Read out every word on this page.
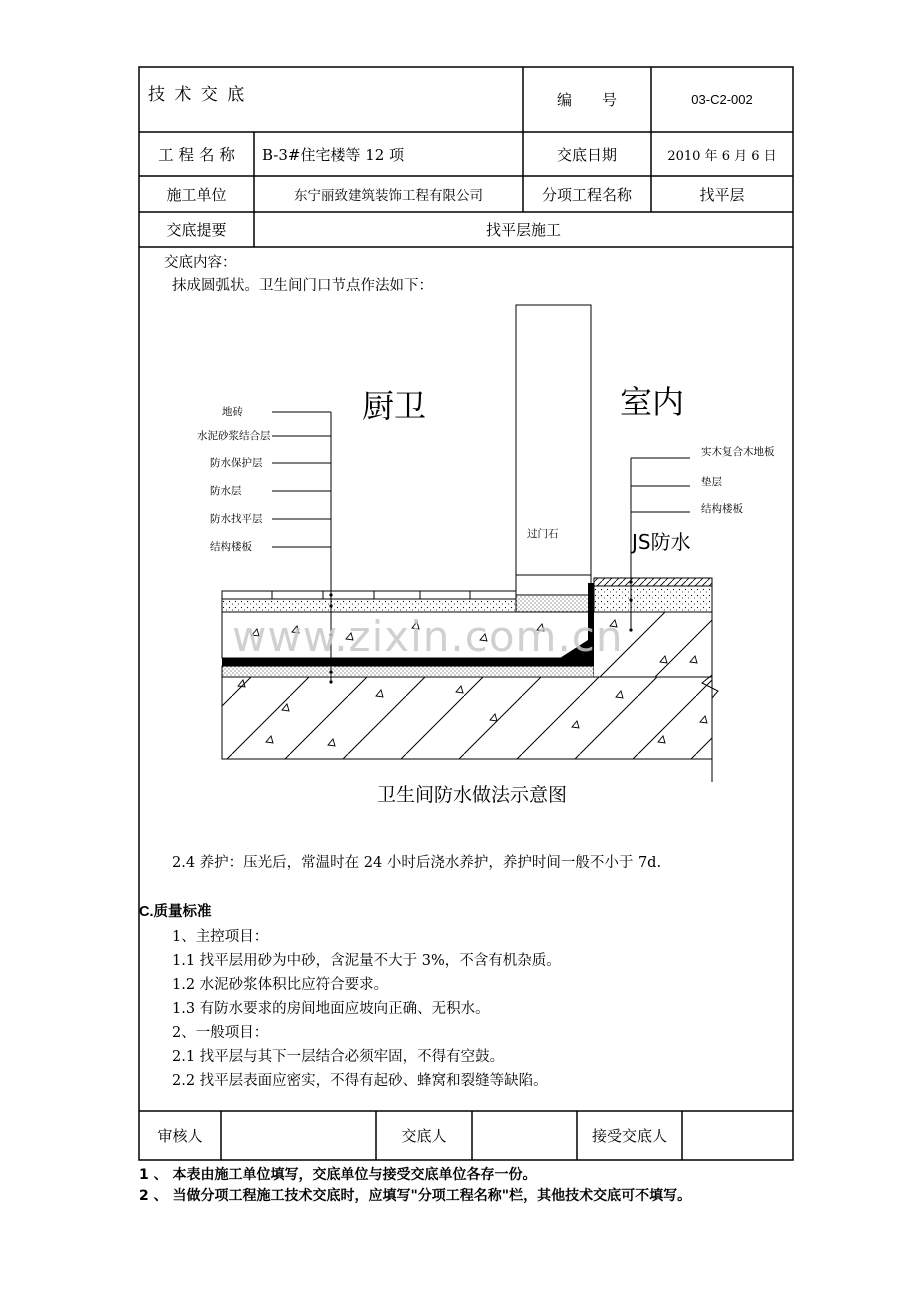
技 术 交 底	编　　号	03-C2-002
工 程 名 称	B-3#住宅楼等 12 项	交底日期	2010 年 6 月 6 日
施工单位	东宁丽致建筑装饰工程有限公司	分项工程名称	找平层
交底提要	找平层施工
交底内容：
抹成圆弧状。卫生间门口节点作法如下：
www.zixin.com.cn
厨卫	室内
地砖
水泥砂浆结合层
防水保护层
防水层
防水找平层
结构楼板
实木复合木地板
垫层
结构楼板
过门石	JS防水
卫生间防水做法示意图
2.4 养护：压光后，常温时在 24 小时后浇水养护，养护时间一般不小于 7d.
C.质量标准
1、主控项目：
1.1 找平层用砂为中砂，含泥量不大于 3%，不含有机杂质。
1.2 水泥砂浆体积比应符合要求。
1.3 有防水要求的房间地面应坡向正确、无积水。
2、一般项目：
2.1 找平层与其下一层结合必须牢固，不得有空鼓。
2.2 找平层表面应密实，不得有起砂、蜂窝和裂缝等缺陷。
审核人	交底人	接受交底人
1 、 本表由施工单位填写，交底单位与接受交底单位各存一份。
2 、 当做分项工程施工技术交底时，应填写"分项工程名称"栏，其他技术交底可不填写。
